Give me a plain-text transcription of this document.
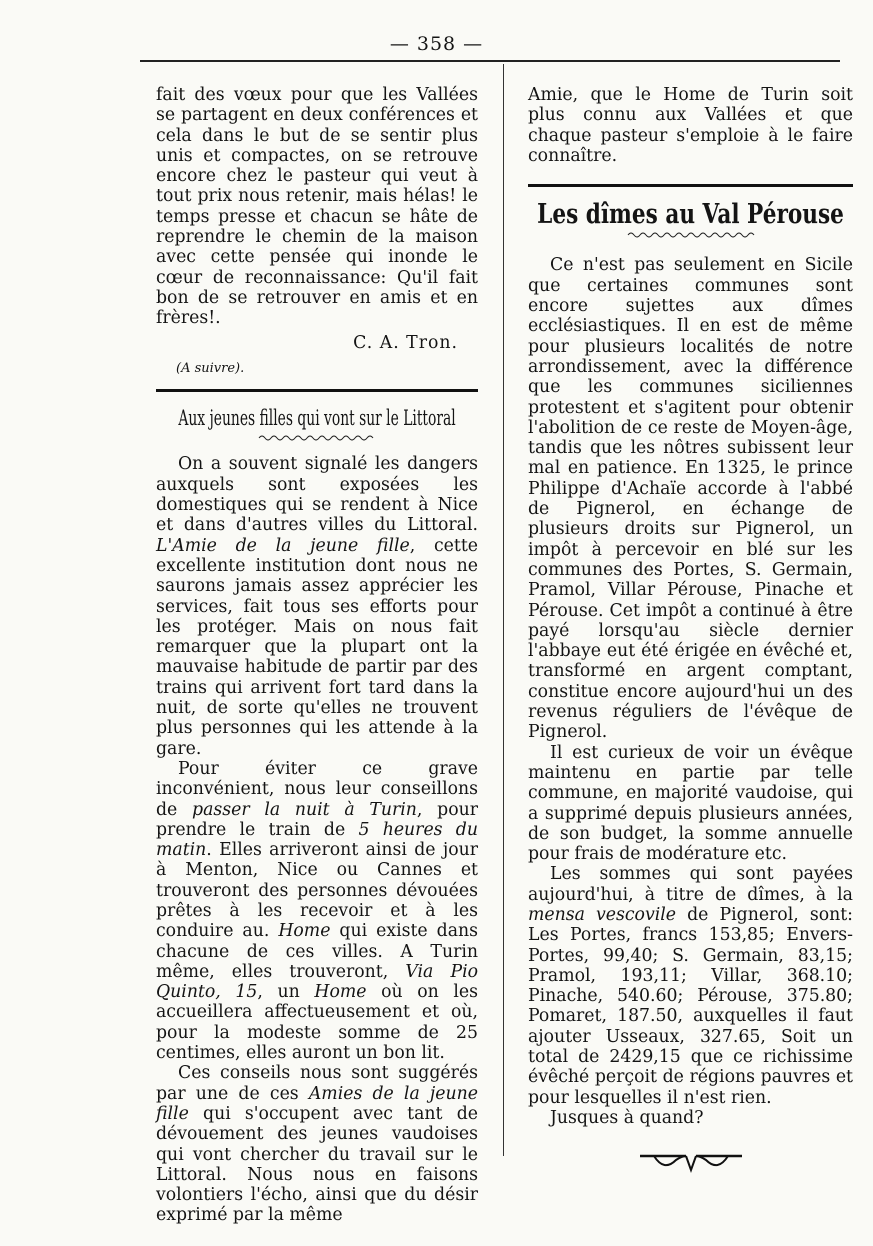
— 358 —

fait des vœux pour que les Vallées se partagent en deux conférences et cela dans le but de se sentir plus unis et compactes, on se retrouve encore chez le pasteur qui veut à tout prix nous retenir, mais hélas! le temps presse et chacun se hâte de reprendre le chemin de la maison avec cette pensée qui inonde le cœur de reconnaissance: Qu'il fait bon de se retrouver en amis et en frères!.

C. A. Tron.
(A suivre).
Aux jeunes filles qui vont sur le Littoral

On a souvent signalé les dangers auxquels sont exposées les domestiques qui se rendent à Nice et dans d'autres villes du Littoral. L'Amie de la jeune fille, cette excellente institution dont nous ne saurons jamais assez apprécier les services, fait tous ses efforts pour les protéger. Mais on nous fait remarquer que la plupart ont la mauvaise habitude de partir par des trains qui arrivent fort tard dans la nuit, de sorte qu'elles ne trouvent plus personnes qui les attende à la gare.

Pour éviter ce grave inconvénient, nous leur conseillons de passer la nuit à Turin, pour prendre le train de 5 heures du matin. Elles arriveront ainsi de jour à Menton, Nice ou Cannes et trouveront des personnes dévouées prêtes à les recevoir et à les conduire au. Home qui existe dans chacune de ces villes. A Turin même, elles trouveront, Via Pio Quinto, 15, un Home où on les accueillera affectueusement et où, pour la modeste somme de 25 centimes, elles auront un bon lit.

Ces conseils nous sont suggérés par une de ces Amies de la jeune fille qui s'occupent avec tant de dévouement des jeunes vaudoises qui vont chercher du travail sur le Littoral. Nous nous en faisons volontiers l'écho, ainsi que du désir exprimé par la même

Amie, que le Home de Turin soit plus connu aux Vallées et que chaque pasteur s'emploie à le faire connaître.

Les dîmes au Val Pérouse

Ce n'est pas seulement en Sicile que certaines communes sont encore sujettes aux dîmes ecclésiastiques. Il en est de même pour plusieurs localités de notre arrondissement, avec la différence que les communes siciliennes protestent et s'agitent pour obtenir l'abolition de ce reste de Moyen-âge, tandis que les nôtres subissent leur mal en patience. En 1325, le prince Philippe d'Achaïe accorde à l'abbé de Pignerol, en échange de plusieurs droits sur Pignerol, un impôt à percevoir en blé sur les communes des Portes, S. Germain, Pramol, Villar Pérouse, Pinache et Pérouse. Cet impôt a continué à être payé lorsqu'au siècle dernier l'abbaye eut été érigée en évêché et, transformé en argent comptant, constitue encore aujourd'hui un des revenus réguliers de l'évêque de Pignerol.

Il est curieux de voir un évêque maintenu en partie par telle commune, en majorité vaudoise, qui a supprimé depuis plusieurs années, de son budget, la somme annuelle pour frais de modérature etc.

Les sommes qui sont payées aujourd'hui, à titre de dîmes, à la mensa vescovile de Pignerol, sont: Les Portes, francs 153,85; Envers-Portes, 99,40; S. Germain, 83,15; Pramol, 193,11; Villar, 368.10; Pinache, 540.60; Pérouse, 375.80; Pomaret, 187.50, auxquelles il faut ajouter Usseaux, 327.65, Soit un total de 2429,15 que ce richissime évêché perçoit de régions pauvres et pour lesquelles il n'est rien.

Jusques à quand?
